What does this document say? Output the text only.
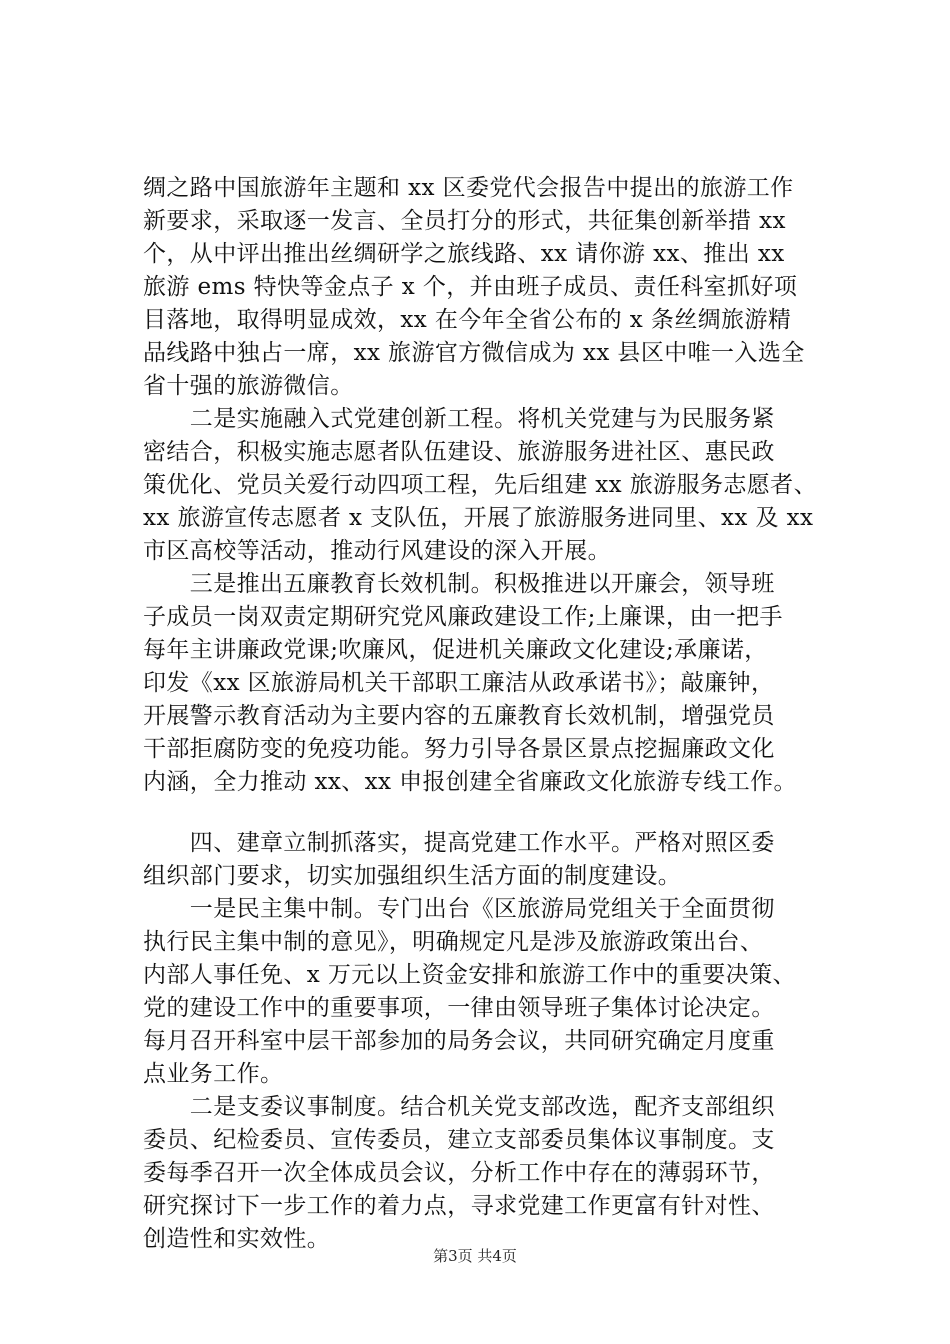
绸之路中国旅游年主题和 xx 区委党代会报告中提出的旅游工作
新要求，采取逐一发言、全员打分的形式，共征集创新举措 xx
个，从中评出推出丝绸研学之旅线路、xx 请你游 xx、推出 xx
旅游 ems 特快等金点子 x 个，并由班子成员、责任科室抓好项
目落地，取得明显成效，xx 在今年全省公布的 x 条丝绸旅游精
品线路中独占一席，xx 旅游官方微信成为 xx 县区中唯一入选全
省十强的旅游微信。
　　二是实施融入式党建创新工程。将机关党建与为民服务紧
密结合，积极实施志愿者队伍建设、旅游服务进社区、惠民政
策优化、党员关爱行动四项工程，先后组建 xx 旅游服务志愿者、
xx 旅游宣传志愿者 x 支队伍，开展了旅游服务进同里、xx 及 xx
市区高校等活动，推动行风建设的深入开展。
　　三是推出五廉教育长效机制。积极推进以开廉会，领导班
子成员一岗双责定期研究党风廉政建设工作;上廉课，由一把手
每年主讲廉政党课;吹廉风，促进机关廉政文化建设;承廉诺，
印发《xx 区旅游局机关干部职工廉洁从政承诺书》；敲廉钟，
开展警示教育活动为主要内容的五廉教育长效机制，增强党员
干部拒腐防变的免疫功能。努力引导各景区景点挖掘廉政文化
内涵，全力推动 xx、xx 申报创建全省廉政文化旅游专线工作。
　　四、建章立制抓落实，提高党建工作水平。严格对照区委
组织部门要求，切实加强组织生活方面的制度建设。
　　一是民主集中制。专门出台《区旅游局党组关于全面贯彻
执行民主集中制的意见》，明确规定凡是涉及旅游政策出台、
内部人事任免、x 万元以上资金安排和旅游工作中的重要决策、
党的建设工作中的重要事项，一律由领导班子集体讨论决定。
每月召开科室中层干部参加的局务会议，共同研究确定月度重
点业务工作。
　　二是支委议事制度。结合机关党支部改选，配齐支部组织
委员、纪检委员、宣传委员，建立支部委员集体议事制度。支
委每季召开一次全体成员会议，分析工作中存在的薄弱环节，
研究探讨下一步工作的着力点，寻求党建工作更富有针对性、
创造性和实效性。
第3页 共4页
